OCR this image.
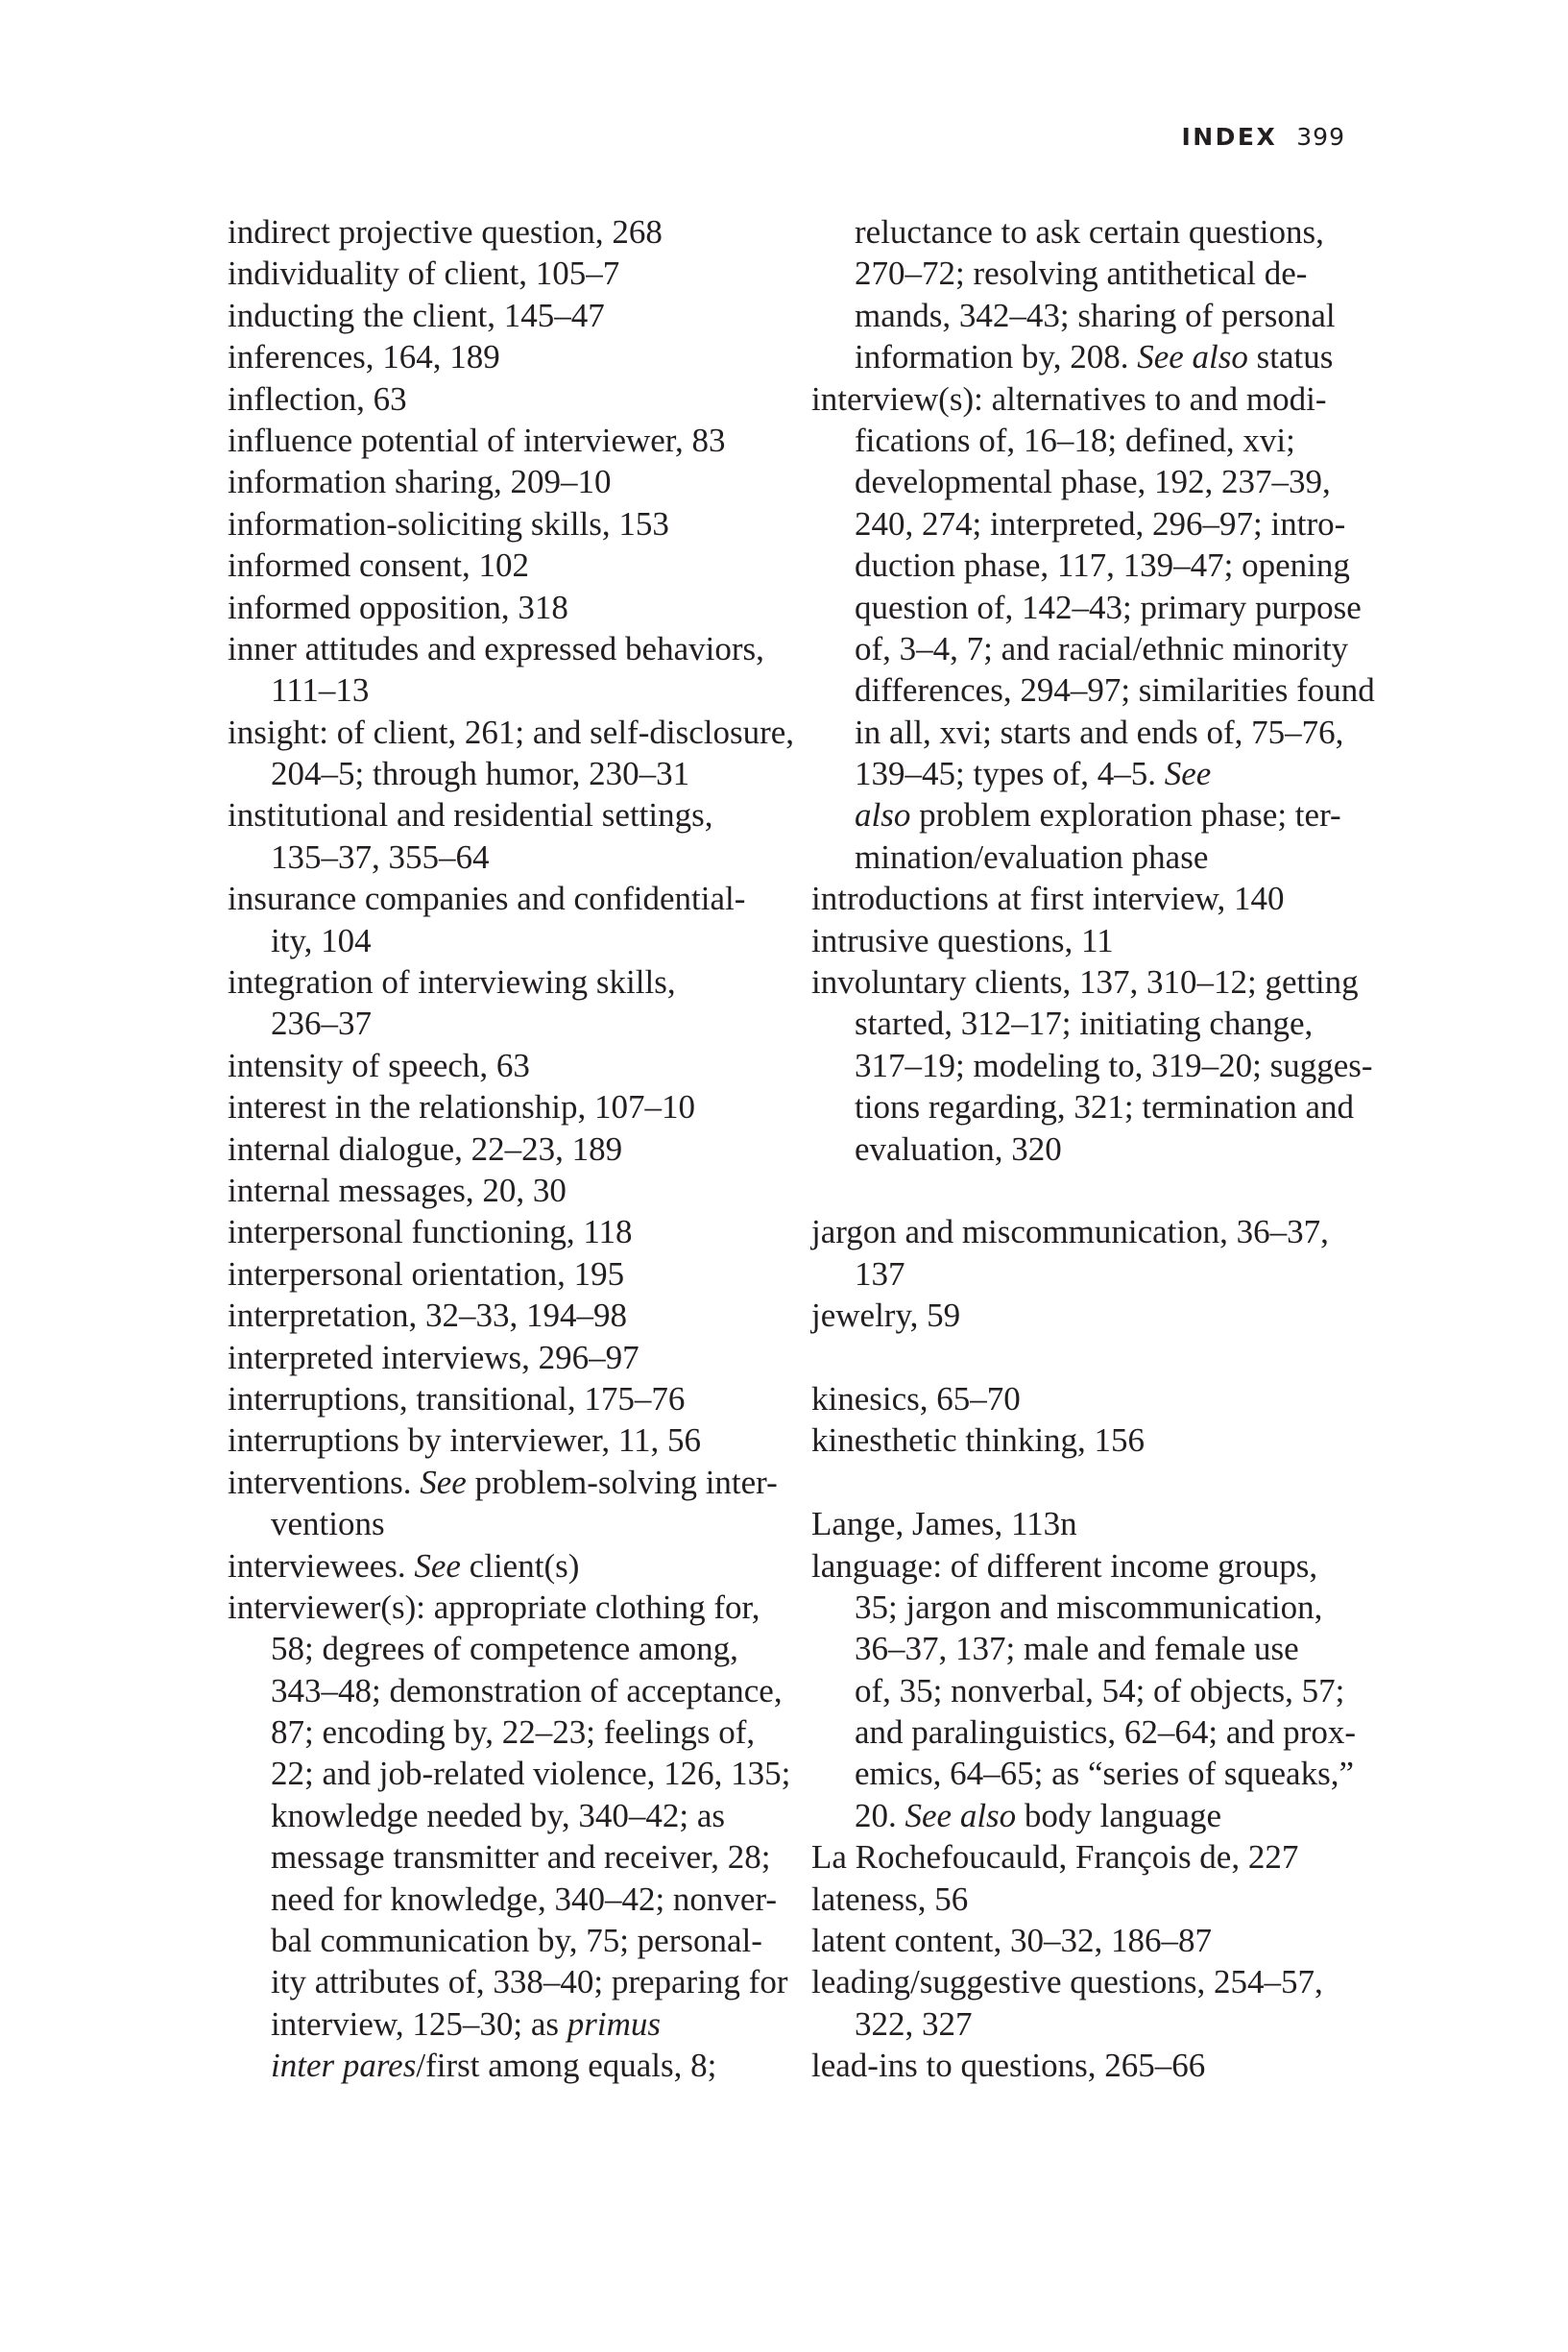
INDEX 399
indirect projective question, 268
individuality of client, 105–7
inducting the client, 145–47
inferences, 164, 189
inflection, 63
influence potential of interviewer, 83
information sharing, 209–10
information-soliciting skills, 153
informed consent, 102
informed opposition, 318
inner attitudes and expressed behaviors,
111–13
insight: of client, 261; and self-disclosure,
204–5; through humor, 230–31
institutional and residential settings,
135–37, 355–64
insurance companies and confidential-
ity, 104
integration of interviewing skills,
236–37
intensity of speech, 63
interest in the relationship, 107–10
internal dialogue, 22–23, 189
internal messages, 20, 30
interpersonal functioning, 118
interpersonal orientation, 195
interpretation, 32–33, 194–98
interpreted interviews, 296–97
interruptions, transitional, 175–76
interruptions by interviewer, 11, 56
interventions. See problem-solving inter-
ventions
interviewees. See client(s)
interviewer(s): appropriate clothing for,
58; degrees of competence among,
343–48; demonstration of acceptance,
87; encoding by, 22–23; feelings of,
22; and job-related violence, 126, 135;
knowledge needed by, 340–42; as
message transmitter and receiver, 28;
need for knowledge, 340–42; nonver-
bal communication by, 75; personal-
ity attributes of, 338–40; preparing for
interview, 125–30; as primus
inter pares/first among equals, 8;
reluctance to ask certain questions,
270–72; resolving antithetical de-
mands, 342–43; sharing of personal
information by, 208. See also status
interview(s): alternatives to and modi-
fications of, 16–18; defined, xvi;
developmental phase, 192, 237–39,
240, 274; interpreted, 296–97; intro-
duction phase, 117, 139–47; opening
question of, 142–43; primary purpose
of, 3–4, 7; and racial/ethnic minority
differences, 294–97; similarities found
in all, xvi; starts and ends of, 75–76,
139–45; types of, 4–5. See
also problem exploration phase; ter-
mination/evaluation phase
introductions at first interview, 140
intrusive questions, 11
involuntary clients, 137, 310–12; getting
started, 312–17; initiating change,
317–19; modeling to, 319–20; sugges-
tions regarding, 321; termination and
evaluation, 320
jargon and miscommunication, 36–37,
137
jewelry, 59
kinesics, 65–70
kinesthetic thinking, 156
Lange, James, 113n
language: of different income groups,
35; jargon and miscommunication,
36–37, 137; male and female use
of, 35; nonverbal, 54; of objects, 57;
and paralinguistics, 62–64; and prox-
emics, 64–65; as “series of squeaks,”
20. See also body language
La Rochefoucauld, François de, 227
lateness, 56
latent content, 30–32, 186–87
leading/suggestive questions, 254–57,
322, 327
lead-ins to questions, 265–66
